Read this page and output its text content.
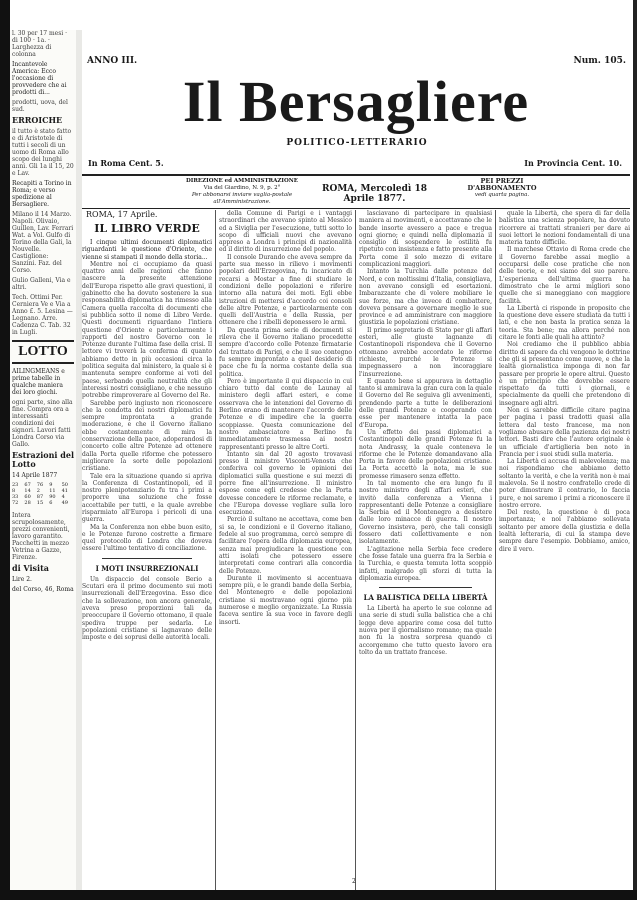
l. 30 per 17 mesi · di 100 · 1a. · Larghezza di colonna
Incantevole America: Ecco l'occasione di provvedere che ai prodotti di...
prodotti, uova, del sud.
ERROICHE
il tutto è stato fatto e di Aristotele di tutti i secoli di un uomo di Roma allo scopo dei lunghi anni. Gli 1a il 15, 20 e Lav.
Recapiti a Torino in Roma; e verso spedizione al Bersagliere.
Milano il 14 Marzo. Napoli. Olivaio, Guillen, Lav. Ferrari Wat. a Vol. Gulfo di Torino della Gali, la Nouvelle. Castiglione: Sanzini. Faz. del Corso.
Gulio Galleni, Via e altri.
Tech. Ottimi Per. Cerniera Ve e Via a Anno £. 5. Lesina — Legnano. Arre. Cadenza C. Tab. 32 in Lugli.
LOTTO
AILINGMEANS e prime tabelle in qualche maniera dei loro giochi.
ogni parte, sino alla fine. Compra ora a interessanti condizioni dei signori. Lavori fatti Londra Corso via Gallo.
Estrazioni del Lotto
14 Aprile 1877
23	67	76	9	50
8	14	2	11	41
33	60	87	90	4
72	28	15	6	49
Intera scrupolosamente, prezzi convenienti, lavoro garantito. Pacchetti in mezzo Vetrina a Gazze, Firenze.
di Visita
Lire 2.
del Corso, 46, Roma
ANNO III.	Num. 105.
Il Bersagliere
POLITICO-LETTERARIO
In Roma Cent. 5.	In Provincia Cent. 10.
DIREZIONE ed AMMINISTRAZIONE
Via del Giardino, N. 9, p. 2°
Per abbonarsi inviare vaglia-postale all'Amministrazione.
ROMA, Mercoledì 18 Aprile 1877.
PEI PREZZI D'ABBONAMENTO
vedi quarta pagina.
ROMA, 17 Aprile.
IL LIBRO VERDE

I cinque ultimi documenti diplomatici riguardanti le questione d'Oriente, che vienne si stampati il mondo della storia...

Mentre noi ci occupiamo da quasi quattro anni delle ragioni che fanno nascere la presente attenzione dell'Europa rispetto alle gravi questioni, il gabinetto che ha dovuto sostenere la sua responsabilità diplomatica ha rimesso alla Camera quella raccolta di documenti che si pubblica sotto il nome di Libro Verde. Questi documenti riguardano l'intiera questione d'Oriente e particolarmente i rapporti del nostro Governo con le Potenze durante l'ultima fase della crisi. Il lettore vi troverà la conferma di quanto abbiamo detto in più occasioni circa la politica seguita dal ministero, la quale si è mantenuta sempre conforme ai voti del paese, serbando quella neutralità che gli interessi nostri consigliano, e che nessuno potrebbe rimproverare al Governo del Re.

Sarebbe però ingiusto non riconoscere che la condotta dei nostri diplomatici fu sempre improntata a grande moderazione, e che il Governo italiano ebbe costantemente di mira la conservazione della pace, adoperandosi di concerto colle altre Potenze ad ottenere dalla Porta quelle riforme che potessero migliorare la sorte delle popolazioni cristiane.

Tale era la situazione quando si apriva la Conferenza di Costantinopoli, ed il nostro plenipotenziario fu tra i primi a proporre una soluzione che fosse accettabile per tutti, e la quale avrebbe risparmiato all'Europa i pericoli di una guerra.

Ma la Conferenza non ebbe buon esito, e le Potenze furono costrette a firmare quel protocollo di Londra che doveva essere l'ultimo tentativo di conciliazione.

I MOTI INSURREZIONALI

Un dispaccio del console Berio a Scutari era il primo documento sui moti insurrezionali dell'Erzegovina. Esso dice che la sollevazione, non ancora generale, aveva preso proporzioni tali da preoccupare il Governo ottomano, il quale spediva truppe per sedarla. Le popolazioni cristiane si lagnavano delle imposte e dei soprusi delle autorità locali.

della Comune di Parigi e i vantaggi straordinari che avevano spinto al Messico ed a Siviglia per l'esecuzione, tutti sotto lo scopo di ufficiali nuovi che avevano appreso a Londra i principi di nazionalità ed il diritto di insurrezione del popolo.

Il console Durando che aveva sempre da parte sua messo in rilievo i movimenti popolari dell'Erzegovina, fu incaricato di recarsi a Mostar a fine di studiare le condizioni delle popolazioni e riferire intorno alla natura dei moti. Egli ebbe istruzioni di mettersi d'accordo coi consoli delle altre Potenze, e particolarmente con quelli dell'Austria e della Russia, per ottenere che i ribelli deponessero le armi.

Da questa prima serie di documenti si rileva che il Governo italiano procedette sempre d'accordo colle Potenze firmatarie del trattato di Parigi, e che il suo contegno fu sempre improntato a quel desiderio di pace che fu la norma costante della sua politica.

Pero è importante il qui dispaccio in cui chiaro tutto dal conte de Launay al ministero degli affari esteri, e come osservava che le intenzioni del Governo di Berlino erano di mantenere l'accordo delle Potenze e di impedire che la guerra scoppiasse. Questa comunicazione del nostro ambasciatore a Berlino fu immediatamente trasmessa ai nostri rappresentanti presso le altre Corti.

Intanto sin dal 20 agosto trovavasi presso il ministro Visconti-Venosta che conferiva col governo le opinioni dei diplomatici sulla questione e sui mezzi di porre fine all'insurrezione. Il ministro espose come egli credesse che la Porta dovesse concedere le riforme reclamate, e che l'Europa dovesse vegliare sulla loro esecuzione.

Perciò il sultano ne accettava, come ben si sa, le condizioni e il Governo italiano, fedele al suo programma, cercò sempre di facilitare l'opera della diplomazia europea, senza mai pregiudicare la questione con atti isolati che potessero essere interpretati come contrari alla concordia delle Potenze.

Durante il movimento si accentuava sempre più, e le grandi bande della Serbia, del Montenegro e delle popolazioni cristiane si mostravano ogni giorno più numerose e meglio organizzate. La Russia faceva sentire la sua voce in favore degli insorti.

lasciavano di partecipare in qualsiasi maniera ai movimenti, e accettavano che le bande insorte avessero a pace e tregua ogni giorno; e quindi nella diplomazia il consiglio di sospendere le ostilità fu ripetuto con insistenza e fatto presente alla Porta come il solo mezzo di evitare complicazioni maggiori.

Intanto la Turchia dalle potenze del Nord, e con moltissimi d'Italia, consigliava, non avevano consigli ed esortazioni. Imbarazzante che di volere mobiliare le sue forze, ma che invece di combattere, doveva pensare a governare meglio le sue province e ad amministrare con maggiore giustizia le popolazioni cristiane.

Il primo segretario di Stato per gli affari esteri, alle giuste lagnanze di Costantinopoli rispondeva che il Governo ottomano avrebbe accordato le riforme richieste, purché le Potenze si impegnassero a non incoraggiare l'insurrezione.

E quanto bene si appurava in dettaglio tanto si ammirava la gran cura con la quale il Governo del Re seguiva gli avvenimenti, prendendo parte a tutte le deliberazioni delle grandi Potenze e cooperando con esse per mantenere intatta la pace d'Europa.

Un effetto dei passi diplomatici a Costantinopoli delle grandi Potenze fu la nota Andrassy, la quale conteneva le riforme che le Potenze domandavano alla Porta in favore delle popolazioni cristiane. La Porta accettò la nota, ma le sue promesse rimasero senza effetto.

In tal momento che era lungo fu il nostro ministro degli affari esteri, che invitò dalla conferenza a Vienna i rappresentanti delle Potenze a consigliare la Serbia ed il Montenegro a desistere dalle loro minacce di guerra. Il nostro Governo insisteva, però, che tali consigli fossero dati collettivamente e non isolatamente.

L'agitazione nella Serbia fece credere che fosse fatale una guerra fra la Serbia e la Turchia, e questa temuta lotta scoppiò infatti, malgrado gli sforzi di tutta la diplomazia europea.

LA BALISTICA DELLA LIBERTÀ

La Libertà ha aperto le sue colonne ad una serie di studi sulla balistica che a chi legge deve apparire come cosa del tutto nuova per il giornalismo romano; ma quale non fu la nostra sorpresa quando ci accorgemmo che tutto questo lavoro era tolto da un trattato francese.

quale la Libertà, che spera di far della balistica una scienza popolare, ha dovuto ricorrere ai trattati stranieri per dare ai suoi lettori le nozioni fondamentali di una materia tanto difficile.

Il marchese Ottavio di Roma crede che il Governo farebbe assai meglio a occuparsi delle cose pratiche che non delle teorie, e noi siamo del suo parere. L'esperienza dell'ultima guerra ha dimostrato che le armi migliori sono quelle che si maneggiano con maggiore facilità.

La Libertà ci risponde in proposito che la questione deve essere studiata da tutti i lati, e che non basta la pratica senza la teoria. Sta bene; ma allora perché non citare le fonti alle quali ha attinto?

Noi crediamo che il pubblico abbia diritto di sapere da chi vengono le dottrine che gli si presentano come nuove, e che la lealtà giornalistica imponga di non far passare per proprie le opere altrui. Questo è un principio che dovrebbe essere rispettato da tutti i giornali, e specialmente da quelli che pretendono di insegnare agli altri.

Non ci sarebbe difficile citare pagina per pagina i passi tradotti quasi alla lettera dal testo francese, ma non vogliamo abusare della pazienza dei nostri lettori. Basti dire che l'autore originale è un ufficiale d'artiglieria ben noto in Francia per i suoi studi sulla materia.

La Libertà ci accusa di malevolenza; ma noi rispondiamo che abbiamo detto soltanto la verità, e che la verità non è mai malevola. Se il nostro confratello crede di poter dimostrare il contrario, lo faccia pure, e noi saremo i primi a riconoscere il nostro errore.

Del resto, la questione è di poca importanza; e noi l'abbiamo sollevata soltanto per amore della giustizia e della lealtà letteraria, di cui la stampa deve sempre dare l'esempio. Dobbiamo, amico, dire il vero.

2
